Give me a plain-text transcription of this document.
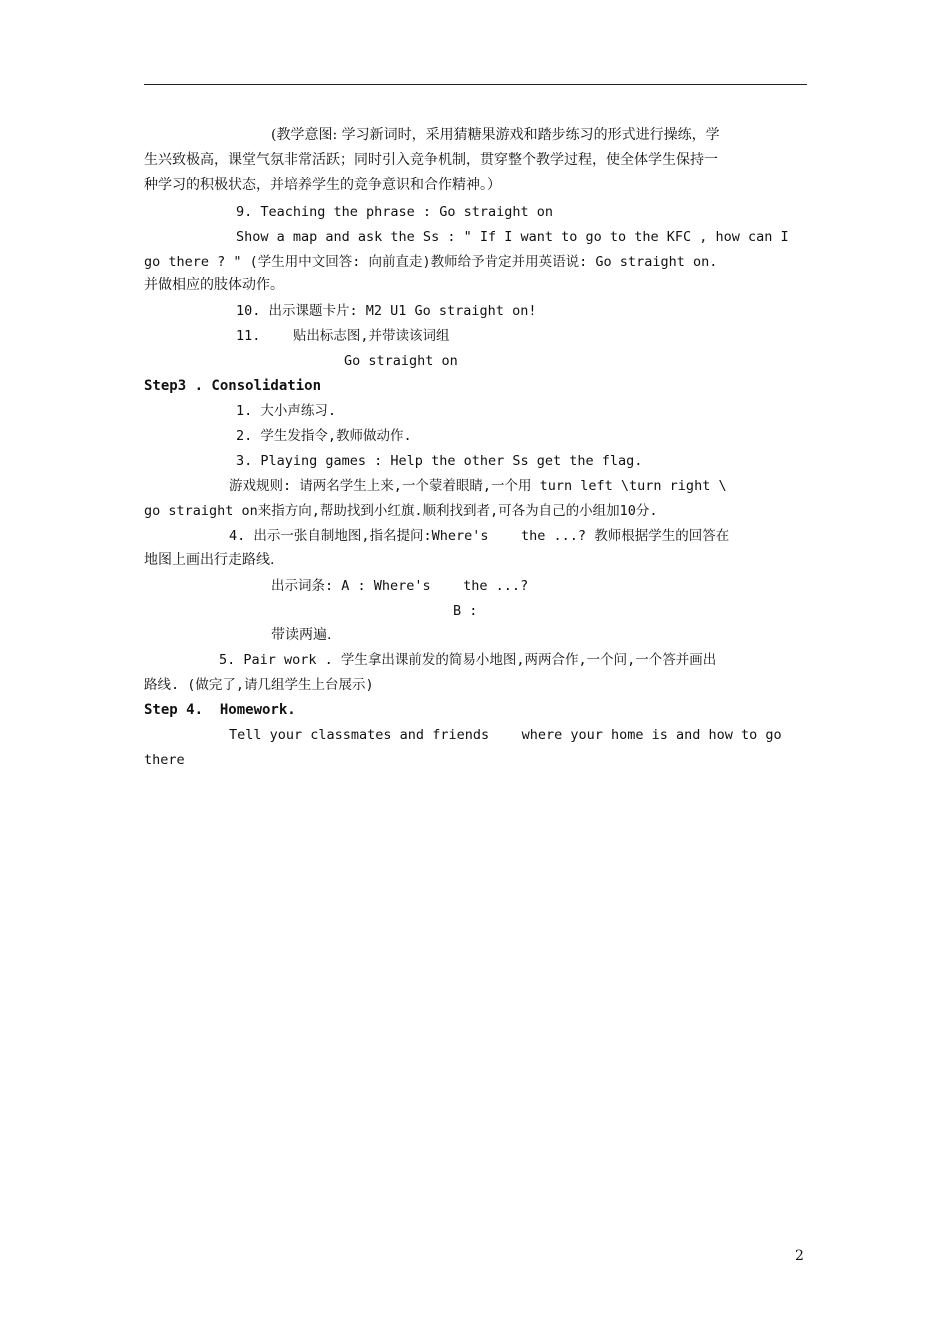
(教学意图: 学习新词时，采用猜糖果游戏和踏步练习的形式进行操练，学
生兴致极高，课堂气氛非常活跃；同时引入竞争机制，贯穿整个教学过程，使全体学生保持一
种学习的积极状态，并培养学生的竞争意识和合作精神。）
9. Teaching the phrase : Go straight on
Show a map and ask the Ss : " If I want to go to the KFC , how can I
go there ? " (学生用中文回答: 向前直走)教师给予肯定并用英语说: Go straight on.
并做相应的肢体动作。
10. 出示课题卡片: M2 U1 Go straight on!
11.    贴出标志图,并带读该词组
Go straight on
Step3 . Consolidation
1. 大小声练习.
2. 学生发指令,教师做动作.
3. Playing games : Help the other Ss get the flag.
游戏规则: 请两名学生上来,一个蒙着眼睛,一个用 turn left \turn right \
go straight on来指方向,帮助找到小红旗.顺利找到者,可各为自己的小组加10分.
4. 出示一张自制地图,指名提问:Where's    the ...? 教师根据学生的回答在
地图上画出行走路线.
出示词条: A : Where's    the ...?
B :
带读两遍.
5. Pair work . 学生拿出课前发的简易小地图,两两合作,一个问,一个答并画出
路线. (做完了,请几组学生上台展示)
Step 4.  Homework.
Tell your classmates and friends    where your home is and how to go
there
2
